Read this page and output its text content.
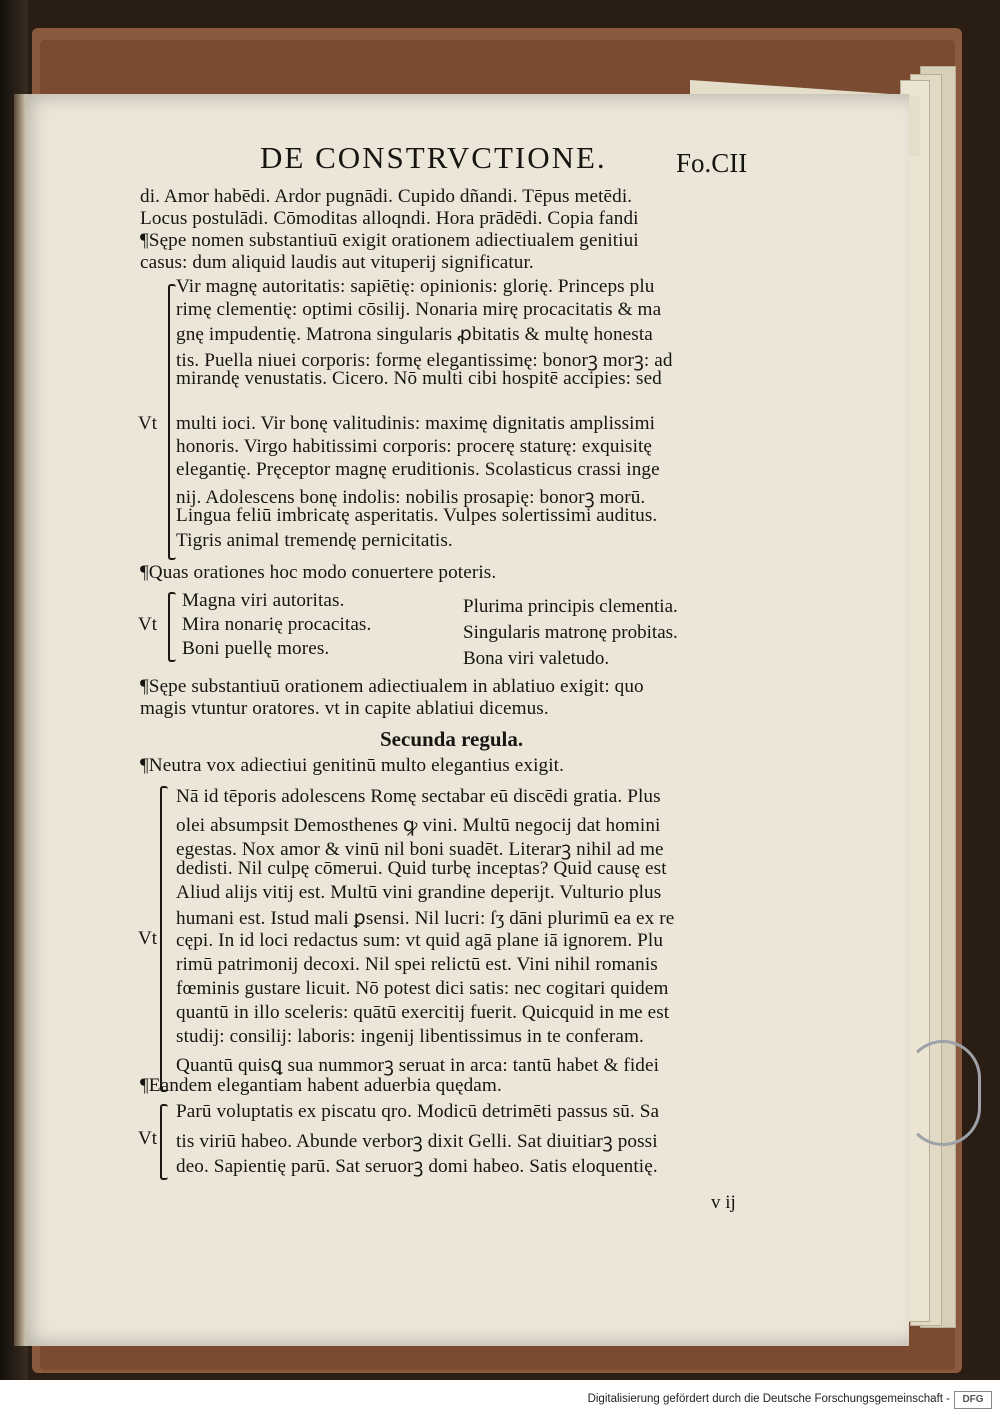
DE CONSTRVCTIONE.	Fo.CII
di. Amor habēdi. Ardor pugnādi. Cupido dñandi. Tēpus metēdi.
Locus postulādi. Cōmoditas alloqndi. Hora prādēdi. Copia fandi
¶Sępe nomen substantiuū exigit orationem adiectiualem genitiui
casus: dum aliquid laudis aut vituperij significatur.
Vt
Vir magnę autoritatis: sapiētię: opinionis: glorię. Princeps plu
rimę clementię: optimi cōsilij. Nonaria mirę procacitatis & ma
gnę impudentię. Matrona singularis ꝓbitatis & multę honesta
tis. Puella niuei corporis: formę elegantissimę: bonorꝫ morꝫ: ad
mirandę venustatis. Cicero. Nō multi cibi hospitē accipies: sed
multi ioci. Vir bonę valitudinis: maximę dignitatis amplissimi
honoris. Virgo habitissimi corporis: procerę staturę: exquisitę
elegantię. Pręceptor magnę eruditionis. Scolasticus crassi inge
nij. Adolescens bonę indolis: nobilis prosapię: bonorꝫ morū.
Lingua feliū imbricatę asperitatis. Vulpes solertissimi auditus.
Tigris animal tremendę pernicitatis.
¶Quas orationes hoc modo conuertere poteris.
Vt
Magna viri autoritas.
Mira nonarię procacitas.
Boni puellę mores.
Plurima principis clementia.
Singularis matronę probitas.
Bona viri valetudo.
¶Sępe substantiuū orationem adiectiualem in ablatiuo exigit: quo
magis vtuntur oratores. vt in capite ablatiui dicemus.
Secunda regula.
¶Neutra vox adiectiui genitinū multo elegantius exigit.
Vt
Nā id tēporis adolescens Romę sectabar eū discēdi gratia. Plus
olei absumpsit Demosthenes ꝙ vini. Multū negocij dat homini
egestas. Nox amor & vinū nil boni suadēt. Literarꝫ nihil ad me
dedisti. Nil culpę cōmerui. Quid turbę inceptas? Quid causę est
Aliud alijs vitij est. Multū vini grandine deperijt. Vulturio plus
humani est. Istud mali ꝑsensi. Nil lucri: ſʒ dāni plurimū ea ex re
cępi. In id loci redactus sum: vt quid agā plane iā ignorem. Plu
rimū patrimonij decoxi. Nil spei relictū est. Vini nihil romanis
fœminis gustare licuit. Nō potest dici satis: nec cogitari quidem
quantū in illo sceleris: quātū exercitij fuerit. Quicquid in me est
studij: consilij: laboris: ingenij libentissimus in te conferam.
Quantū quisꝗ sua nummorꝫ seruat in arca: tantū habet & fidei
¶Eandem elegantiam habent aduerbia quędam.
Vt
Parū voluptatis ex piscatu qro. Modicū detrimēti passus sū. Sa
tis viriū habeo. Abunde verborꝫ dixit Gelli. Sat diuitiarꝫ possi
deo. Sapientię parū. Sat seruorꝫ domi habeo. Satis eloquentię.
v ij
Digitalisierung gefördert durch die Deutsche Forschungsgemeinschaft -	DFG
